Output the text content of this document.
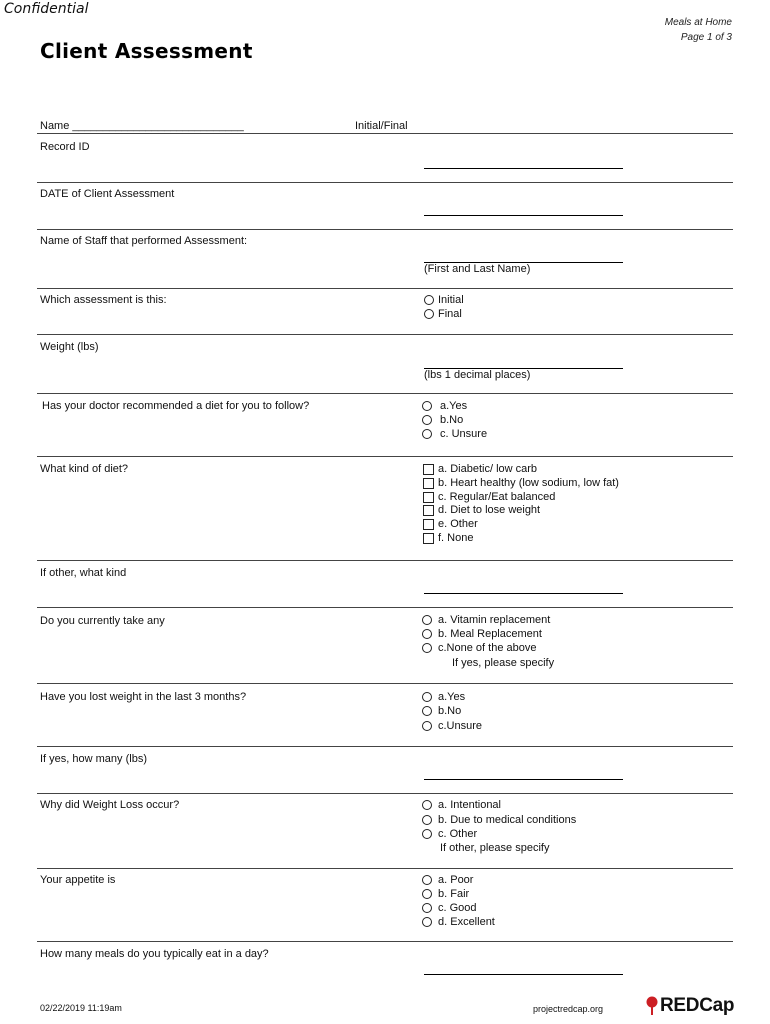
Confidential
Meals at Home
Page 1 of 3
Client Assessment
Name ____________________________	Initial/Final
Record ID
DATE of Client Assessment
Name of Staff that performed Assessment:
(First and Last Name)
Which assessment is this:	Initial
Final
Weight (lbs)
(lbs 1 decimal places)
Has your doctor recommended a diet for you to follow?	a.Yes
b.No
c. Unsure
What kind of diet?	a. Diabetic/ low carb
b. Heart healthy (low sodium, low fat)
c. Regular/Eat balanced
d. Diet to lose weight
e. Other
f. None
If other, what kind
Do you currently take any	a. Vitamin replacement
b. Meal Replacement
c.None of the above
If yes, please specify
Have you lost weight in the last 3 months?	a.Yes
b.No
c.Unsure
If yes, how many (lbs)
Why did Weight Loss occur?	a. Intentional
b. Due to medical conditions
c. Other
If other, please specify
Your appetite is	a. Poor
b. Fair
c. Good
d. Excellent
How many meals do you typically eat in a day?
02/22/2019 11:19am	projectredcap.org	REDCap
